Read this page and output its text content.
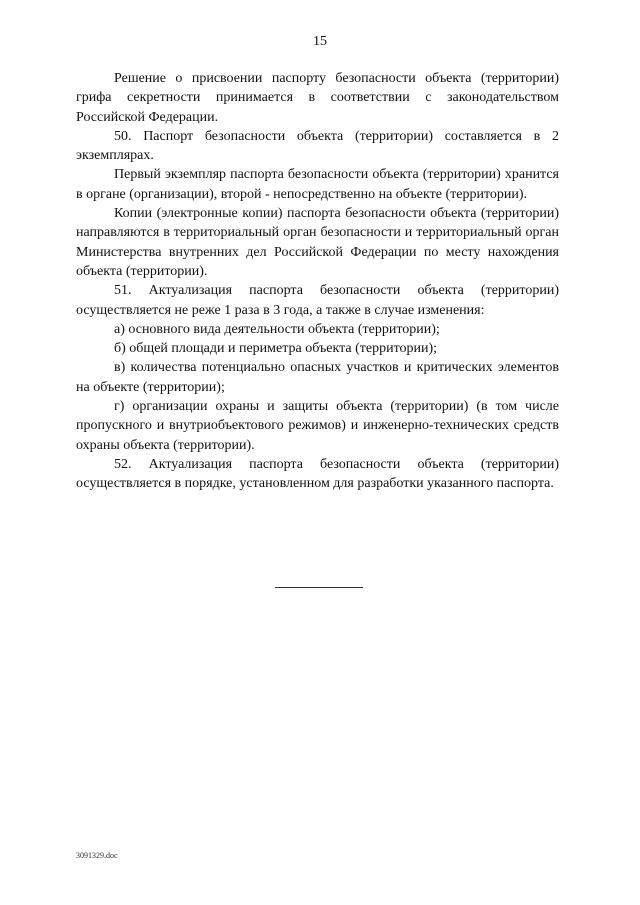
15

Решение о присвоении паспорту безопасности объекта (территории) грифа секретности принимается в соответствии с законодательством Российской Федерации.

50. Паспорт безопасности объекта (территории) составляется в 2 экземплярах.

Первый экземпляр паспорта безопасности объекта (территории) хранится в органе (организации), второй - непосредственно на объекте (территории).

Копии (электронные копии) паспорта безопасности объекта (территории) направляются в территориальный орган безопасности и территориальный орган Министерства внутренних дел Российской Федерации по месту нахождения объекта (территории).

51. Актуализация паспорта безопасности объекта (территории) осуществляется не реже 1 раза в 3 года, а также в случае изменения:

а) основного вида деятельности объекта (территории);

б) общей площади и периметра объекта (территории);

в) количества потенциально опасных участков и критических элементов на объекте (территории);

г) организации охраны и защиты объекта (территории) (в том числе пропускного и внутриобъектового режимов) и инженерно-технических средств охраны объекта (территории).

52. Актуализация паспорта безопасности объекта (территории) осуществляется в порядке, установленном для разработки указанного паспорта.

3091329.doc
